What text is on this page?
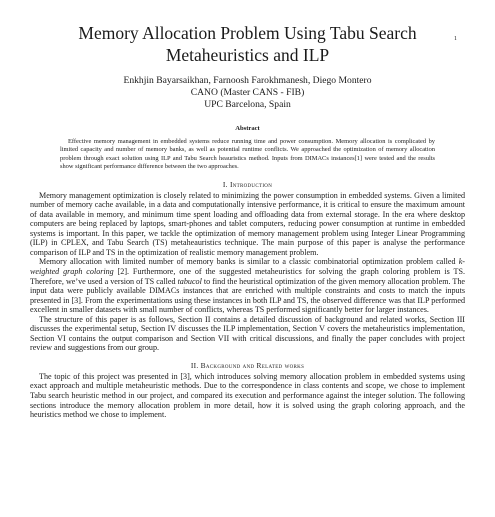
1
Memory Allocation Problem Using Tabu Search
Metaheuristics and ILP
Enkhjin Bayarsaikhan, Farnoosh Farokhmanesh, Diego Montero
CANO (Master CANS - FIB)
UPC Barcelona, Spain
Abstract
Effective memory management in embedded systems reduce running time and power consumption. Memory allocation is complicated by limited capacity and number of memory banks, as well as potential runtime conflicts. We approached the optimization of memory allocation problem through exact solution using ILP and Tabu Search heauristics method. Inputs from DIMACs instances[1] were tested and the results show significant performance difference between the two approaches.
I. Introduction

Memory management optimization is closely related to minimizing the power consumption in embedded systems. Given a limited number of memory cache available, in a data and computationally intensive performance, it is critical to ensure the maximum amount of data available in memory, and minimum time spent loading and offloading data from external storage. In the era where desktop computers are being replaced by laptops, smart-phones and tablet computers, reducing power consumption at runtime in embedded systems is important. In this paper, we tackle the optimization of memory management problem using Integer Linear Programming (ILP) in CPLEX, and Tabu Search (TS) metaheauristics technique. The main purpose of this paper is analyse the performance comparison of ILP and TS in the optimization of realistic memory management problem.

Memory allocation with limited number of memory banks is similar to a classic combinatorial optimization problem called k-weighted graph coloring [2]. Furthermore, one of the suggested metaheuristics for solving the graph coloring problem is TS. Therefore, we’ve used a version of TS called tabucol to find the heuristical optimization of the given memory allocation problem. The input data were publicly available DIMACs instances that are enriched with multiple constraints and costs to match the inputs presented in [3]. From the experimentations using these instances in both ILP and TS, the observed difference was that ILP performed excellent in smaller datasets with small number of conflicts, whereas TS performed significantly better for larger instances.

The structure of this paper is as follows, Section II contains a detailed discussion of background and related works, Section III discusses the experimental setup, Section IV discusses the ILP implementation, Section V covers the metaheuristics implementation, Section VI contains the output comparison and Section VII with critical discussions, and finally the paper concludes with project review and suggestions from our group.

II. Background and Related works

The topic of this project was presented in [3], which introduces solving memory allocation problem in embedded systems using exact approach and multiple metaheuristic methods. Due to the correspondence in class contents and scope, we chose to implement Tabu search heuristic method in our project, and compared its execution and performance against the integer solution. The following sections introduce the memory allocation problem in more detail, how it is solved using the graph coloring approach, and the heuristics method we chose to implement.
